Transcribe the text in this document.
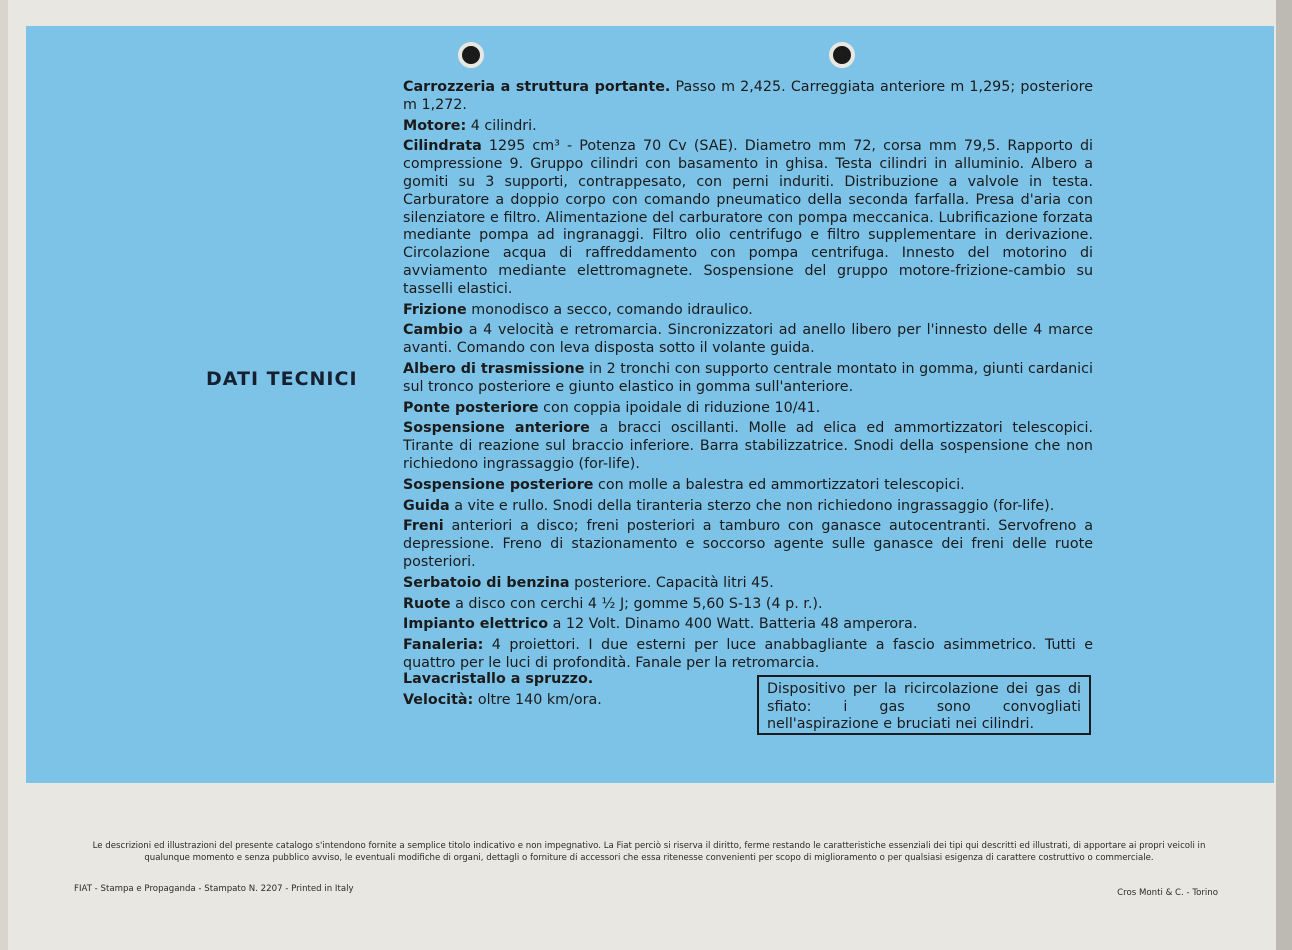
DATI TECNICI
Carrozzeria a struttura portante. Passo m 2,425. Carreggiata anteriore m 1,295; posteriore m 1,272.
Motore: 4 cilindri.
Cilindrata 1295 cm³ - Potenza 70 Cv (SAE). Diametro mm 72, corsa mm 79,5. Rapporto di compressione 9. Gruppo cilindri con basamento in ghisa. Testa cilindri in alluminio. Albero a gomiti su 3 supporti, contrappesato, con perni induriti. Distribuzione a valvole in testa. Carburatore a doppio corpo con comando pneumatico della seconda farfalla. Presa d'aria con silenziatore e filtro. Alimentazione del carburatore con pompa meccanica. Lubrificazione forzata mediante pompa ad ingranaggi. Filtro olio centrifugo e filtro supplementare in derivazione. Circolazione acqua di raffreddamento con pompa centrifuga. Innesto del motorino di avviamento mediante elettromagnete. Sospensione del gruppo motore-frizione-cambio su tasselli elastici.
Frizione monodisco a secco, comando idraulico.
Cambio a 4 velocità e retromarcia. Sincronizzatori ad anello libero per l'innesto delle 4 marce avanti. Comando con leva disposta sotto il volante guida.
Albero di trasmissione in 2 tronchi con supporto centrale montato in gomma, giunti cardanici sul tronco posteriore e giunto elastico in gomma sull'anteriore.
Ponte posteriore con coppia ipoidale di riduzione 10/41.
Sospensione anteriore a bracci oscillanti. Molle ad elica ed ammortizzatori telescopici. Tirante di reazione sul braccio inferiore. Barra stabilizzatrice. Snodi della sospensione che non richiedono ingrassaggio (for-life).
Sospensione posteriore con molle a balestra ed ammortizzatori telescopici.
Guida a vite e rullo. Snodi della tiranteria sterzo che non richiedono ingrassaggio (for-life).
Freni anteriori a disco; freni posteriori a tamburo con ganasce autocentranti. Servofreno a depressione. Freno di stazionamento e soccorso agente sulle ganasce dei freni delle ruote posteriori.
Serbatoio di benzina posteriore. Capacità litri 45.
Ruote a disco con cerchi 4 ½ J; gomme 5,60 S-13 (4 p. r.).
Impianto elettrico a 12 Volt. Dinamo 400 Watt. Batteria 48 amperora.
Fanaleria: 4 proiettori. I due esterni per luce anabbagliante a fascio asimmetrico. Tutti e quattro per le luci di profondità. Fanale per la retromarcia.
Lavacristallo a spruzzo.
Velocità: oltre 140 km/ora.
Dispositivo per la ricircolazione dei gas di sfiato: i gas sono convogliati nell'aspirazione e bruciati nei cilindri.
Le descrizioni ed illustrazioni del presente catalogo s'intendono fornite a semplice titolo indicativo e non impegnativo. La Fiat perciò si riserva il diritto, ferme restando le caratteristiche essenziali dei tipi qui descritti ed illustrati, di apportare ai propri veicoli in qualunque momento e senza pubblico avviso, le eventuali modifiche di organi, dettagli o forniture di accessori che essa ritenesse convenienti per scopo di miglioramento o per qualsiasi esigenza di carattere costruttivo o commerciale.
FIAT - Stampa e Propaganda - Stampato N. 2207 - Printed in Italy	Cros Monti & C. - Torino
